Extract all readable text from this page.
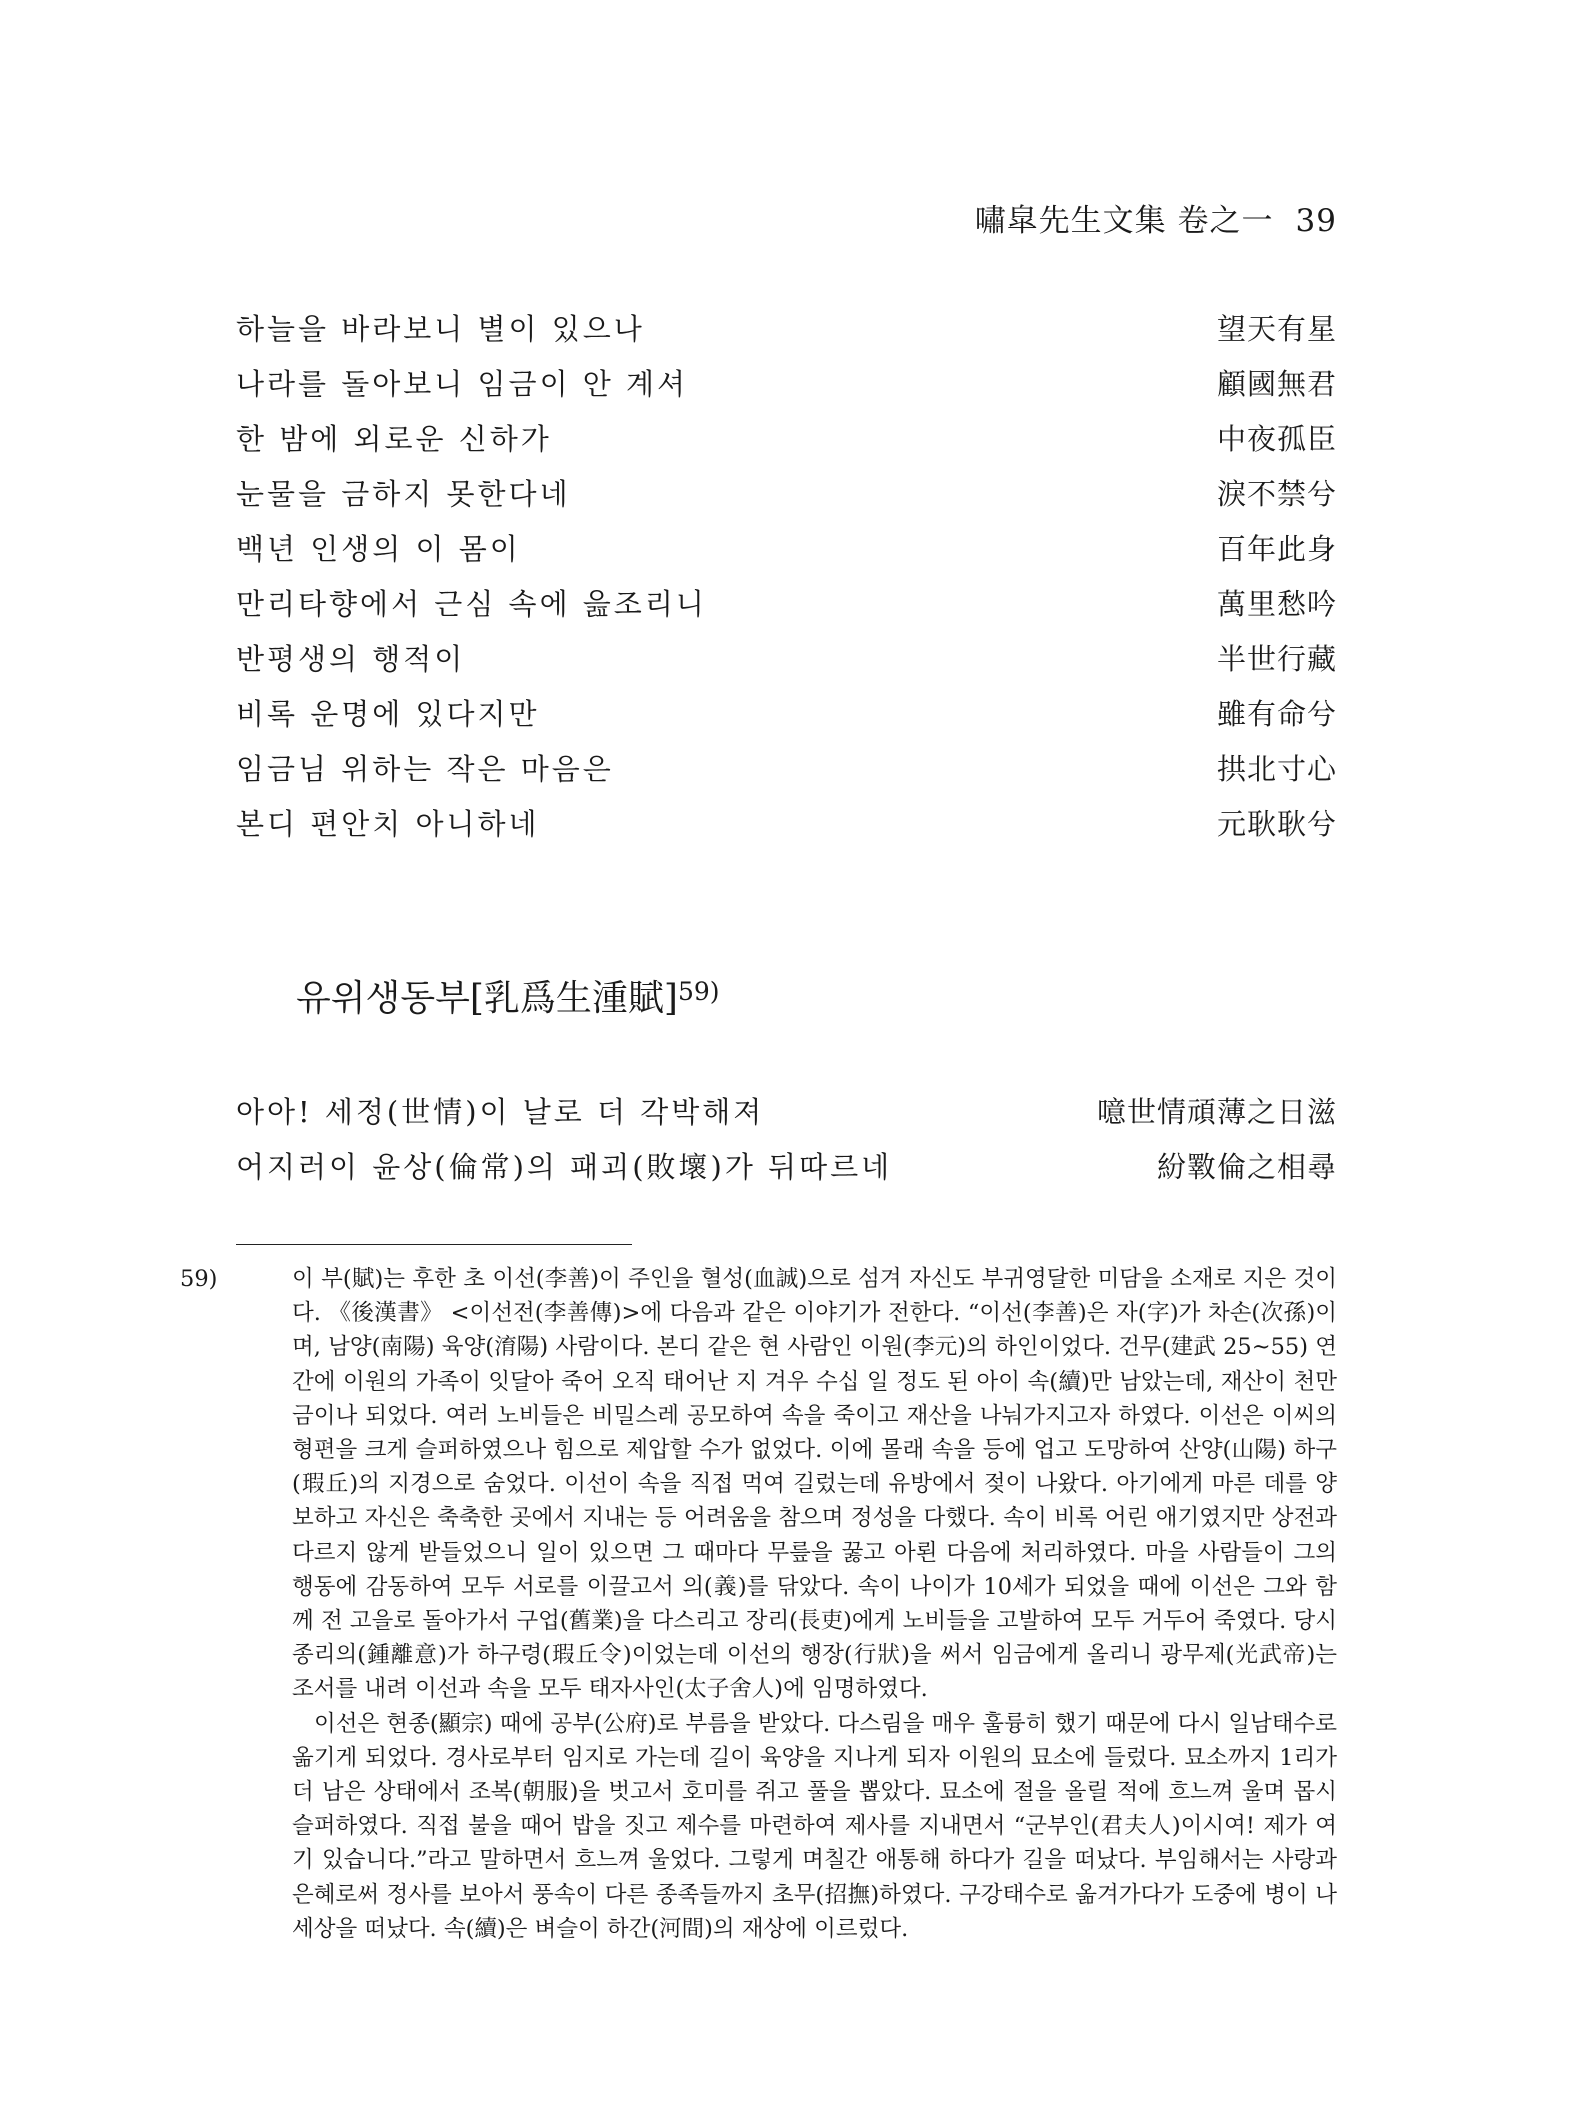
嘯皐先生文集 卷之一 39
하늘을 바라보니 별이 있으나	望天有星
나라를 돌아보니 임금이 안 계셔	顧國無君
한 밤에 외로운 신하가	中夜孤臣
눈물을 금하지 못한다네	淚不禁兮
백년 인생의 이 몸이	百年此身
만리타향에서 근심 속에 읊조리니	萬里愁吟
반평생의 행적이	半世行藏
비록 운명에 있다지만	雖有命兮
임금님 위하는 작은 마음은	拱北寸心
본디 편안치 아니하네	元耿耿兮
유위생동부[乳爲生湩賦]$^{59)}$
아아! 세정(世情)이 날로 더 각박해져	噫世情頑薄之日滋
어지러이 윤상(倫常)의 패괴(敗壞)가 뒤따르네	紛斁倫之相尋

59)	이 부(賦)는 후한 초 이선(李善)이 주인을 혈성(血誠)으로 섬겨 자신도 부귀영달한 미담을 소재로 지은 것이다. 《後漢書》 <이선전(李善傳)>에 다음과 같은 이야기가 전한다. “이선(李善)은 자(字)가 차손(次孫)이며, 남양(南陽) 육양(淯陽) 사람이다. 본디 같은 현 사람인 이원(李元)의 하인이었다. 건무(建武 25~55) 연간에 이원의 가족이 잇달아 죽어 오직 태어난 지 겨우 수십 일 정도 된 아이 속(續)만 남았는데, 재산이 천만금이나 되었다. 여러 노비들은 비밀스레 공모하여 속을 죽이고 재산을 나눠가지고자 하였다. 이선은 이씨의 형편을 크게 슬퍼하였으나 힘으로 제압할 수가 없었다. 이에 몰래 속을 등에 업고 도망하여 산양(山陽) 하구(瑕丘)의 지경으로 숨었다. 이선이 속을 직접 먹여 길렀는데 유방에서 젖이 나왔다. 아기에게 마른 데를 양보하고 자신은 축축한 곳에서 지내는 등 어려움을 참으며 정성을 다했다. 속이 비록 어린 애기였지만 상전과 다르지 않게 받들었으니 일이 있으면 그 때마다 무릎을 꿇고 아뢴 다음에 처리하였다. 마을 사람들이 그의 행동에 감동하여 모두 서로를 이끌고서 의(義)를 닦았다. 속이 나이가 10세가 되었을 때에 이선은 그와 함께 전 고을로 돌아가서 구업(舊業)을 다스리고 장리(長吏)에게 노비들을 고발하여 모두 거두어 죽였다. 당시 종리의(鍾離意)가 하구령(瑕丘令)이었는데 이선의 행장(行狀)을 써서 임금에게 올리니 광무제(光武帝)는 조서를 내려 이선과 속을 모두 태자사인(太子舍人)에 임명하였다.

이선은 현종(顯宗) 때에 공부(公府)로 부름을 받았다. 다스림을 매우 훌륭히 했기 때문에 다시 일남태수로 옮기게 되었다. 경사로부터 임지로 가는데 길이 육양을 지나게 되자 이원의 묘소에 들렀다. 묘소까지 1리가 더 남은 상태에서 조복(朝服)을 벗고서 호미를 쥐고 풀을 뽑았다. 묘소에 절을 올릴 적에 흐느껴 울며 몹시 슬퍼하였다. 직접 불을 때어 밥을 짓고 제수를 마련하여 제사를 지내면서 “군부인(君夫人)이시여! 제가 여기 있습니다.”라고 말하면서 흐느껴 울었다. 그렇게 며칠간 애통해 하다가 길을 떠났다. 부임해서는 사랑과 은혜로써 정사를 보아서 풍속이 다른 종족들까지 초무(招撫)하였다. 구강태수로 옮겨가다가 도중에 병이 나 세상을 떠났다. 속(續)은 벼슬이 하간(河間)의 재상에 이르렀다.
